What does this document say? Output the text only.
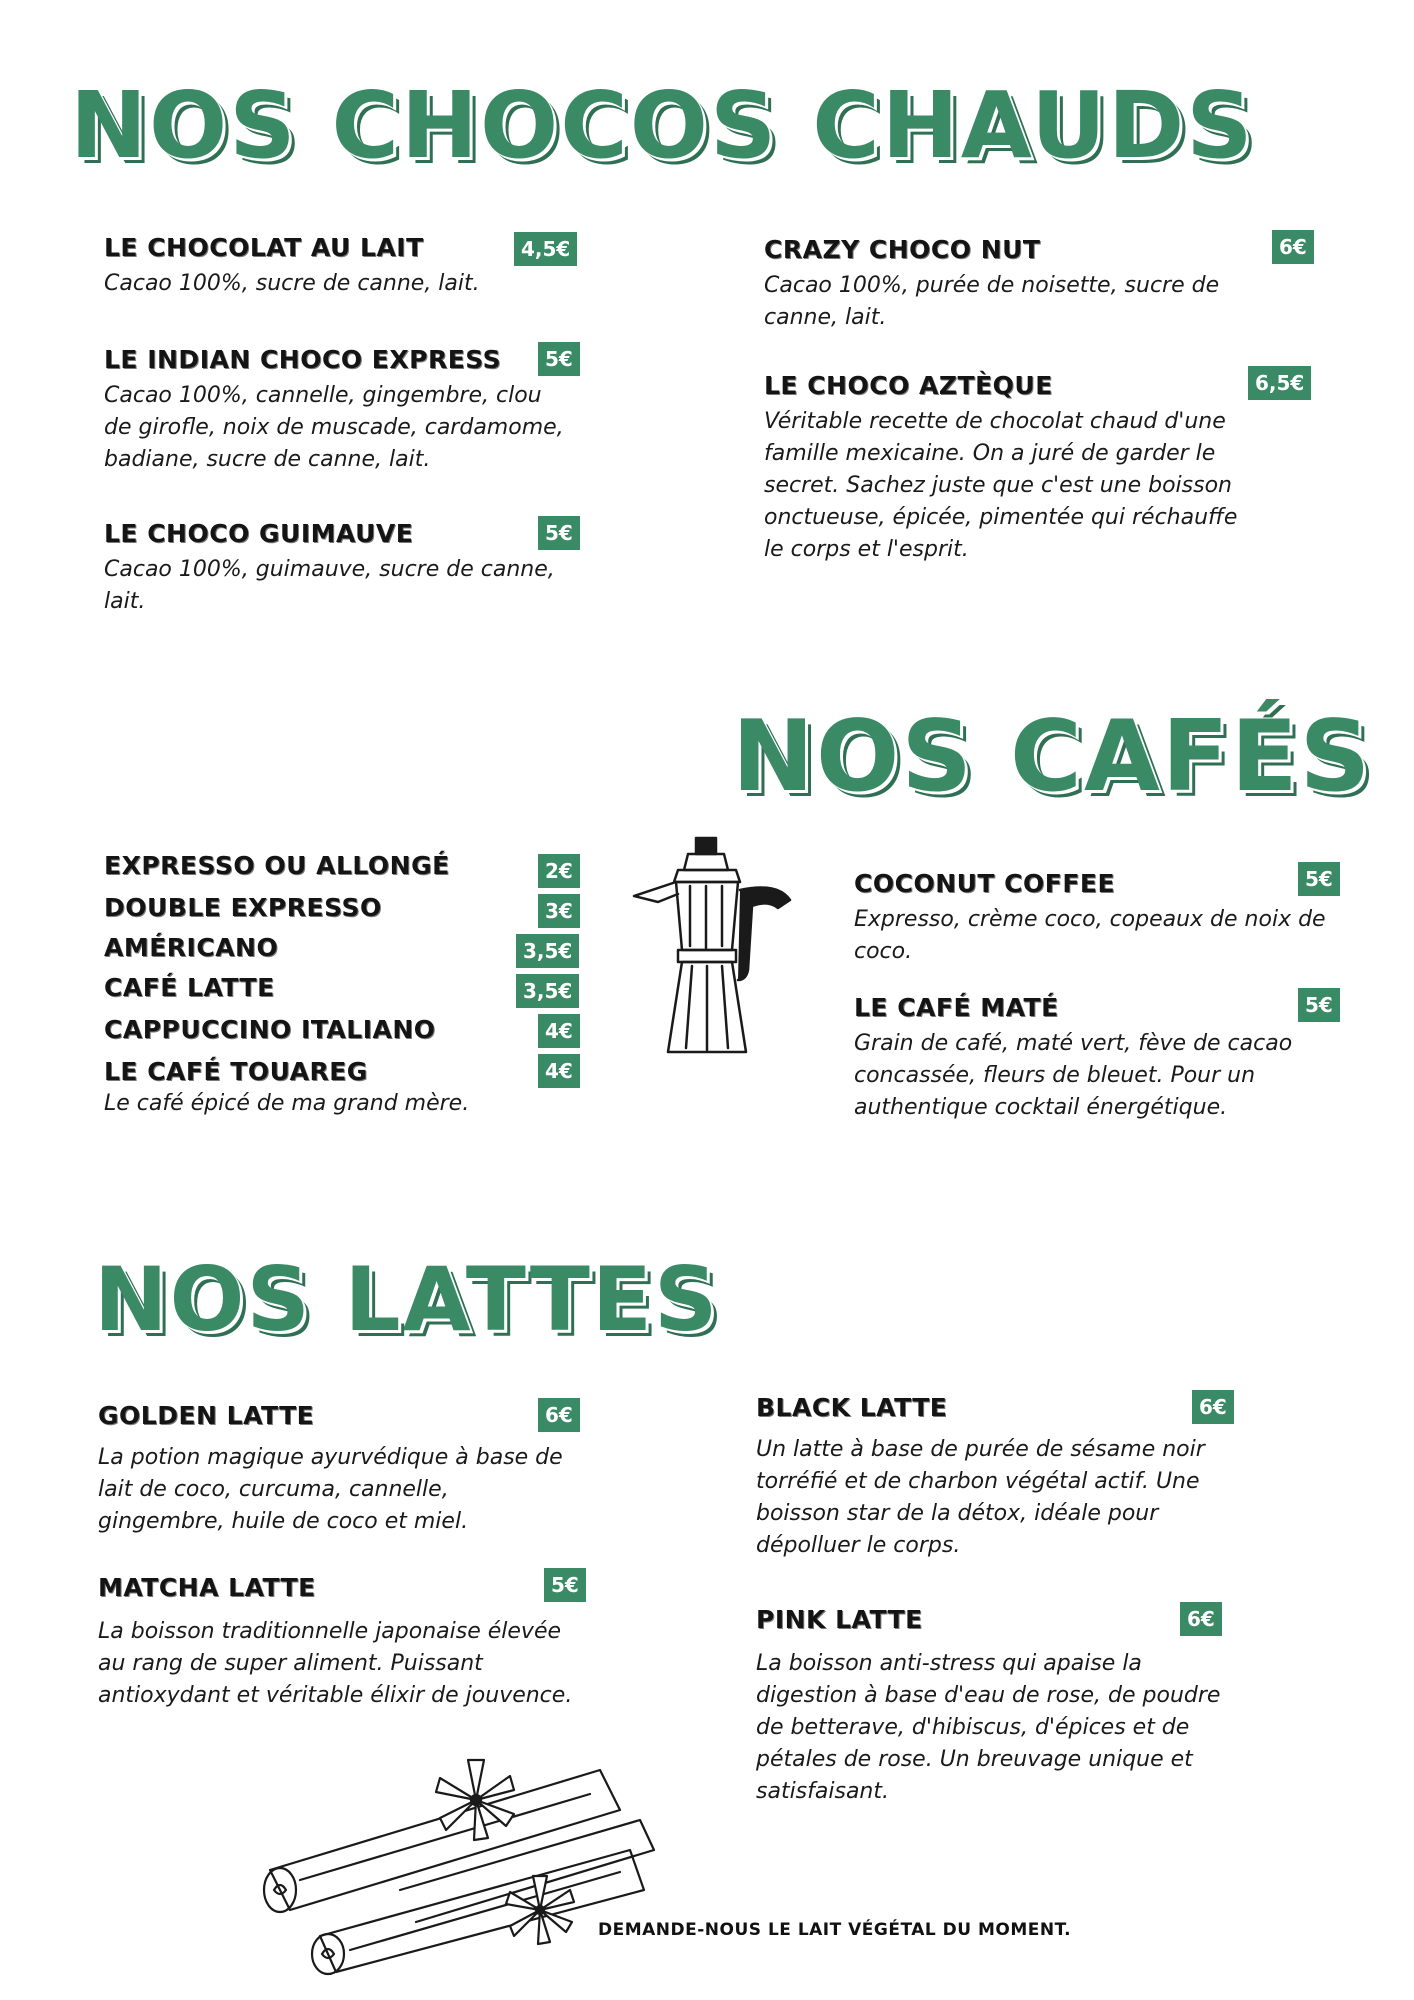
NOS CHOCOS CHAUDS
LE CHOCOLAT AU LAIT	4,5€
Cacao 100%, sucre de canne, lait.
LE INDIAN CHOCO EXPRESS	5€
Cacao 100%, cannelle, gingembre, clou de girofle, noix de muscade, cardamome, badiane, sucre de canne, lait.
LE CHOCO GUIMAUVE	5€
Cacao 100%, guimauve, sucre de canne, lait.
CRAZY CHOCO NUT	6€
Cacao 100%, purée de noisette, sucre de canne, lait.
LE CHOCO AZTÈQUE	6,5€
Véritable recette de chocolat chaud d'une famille mexicaine. On a juré de garder le secret. Sachez juste que c'est une boisson onctueuse, épicée, pimentée qui réchauffe le corps et l'esprit.
NOS CAFÉS
EXPRESSO OU ALLONGÉ	2€
DOUBLE EXPRESSO	3€
AMÉRICANO	3,5€
CAFÉ LATTE	3,5€
CAPPUCCINO ITALIANO	4€
LE CAFÉ TOUAREG	4€
Le café épicé de ma grand mère.
COCONUT COFFEE	5€
Expresso, crème coco, copeaux de noix de coco.
LE CAFÉ MATÉ	5€
Grain de café, maté vert, fève de cacao concassée, fleurs de bleuet. Pour un authentique cocktail énergétique.
NOS LATTES
GOLDEN LATTE	6€
La potion magique ayurvédique à base de lait de coco, curcuma, cannelle, gingembre, huile de coco et miel.
MATCHA LATTE	5€
La boisson traditionnelle japonaise élevée au rang de super aliment. Puissant antioxydant et véritable élixir de jouvence.
BLACK LATTE	6€
Un latte à base de purée de sésame noir torréfié et de charbon végétal actif. Une boisson star de la détox, idéale pour dépolluer le corps.
PINK LATTE	6€
La boisson anti-stress qui apaise la digestion à base d'eau de rose, de poudre de betterave, d'hibiscus, d'épices et de pétales de rose. Un breuvage unique et satisfaisant.
DEMANDE-NOUS LE LAIT VÉGÉTAL DU MOMENT.
